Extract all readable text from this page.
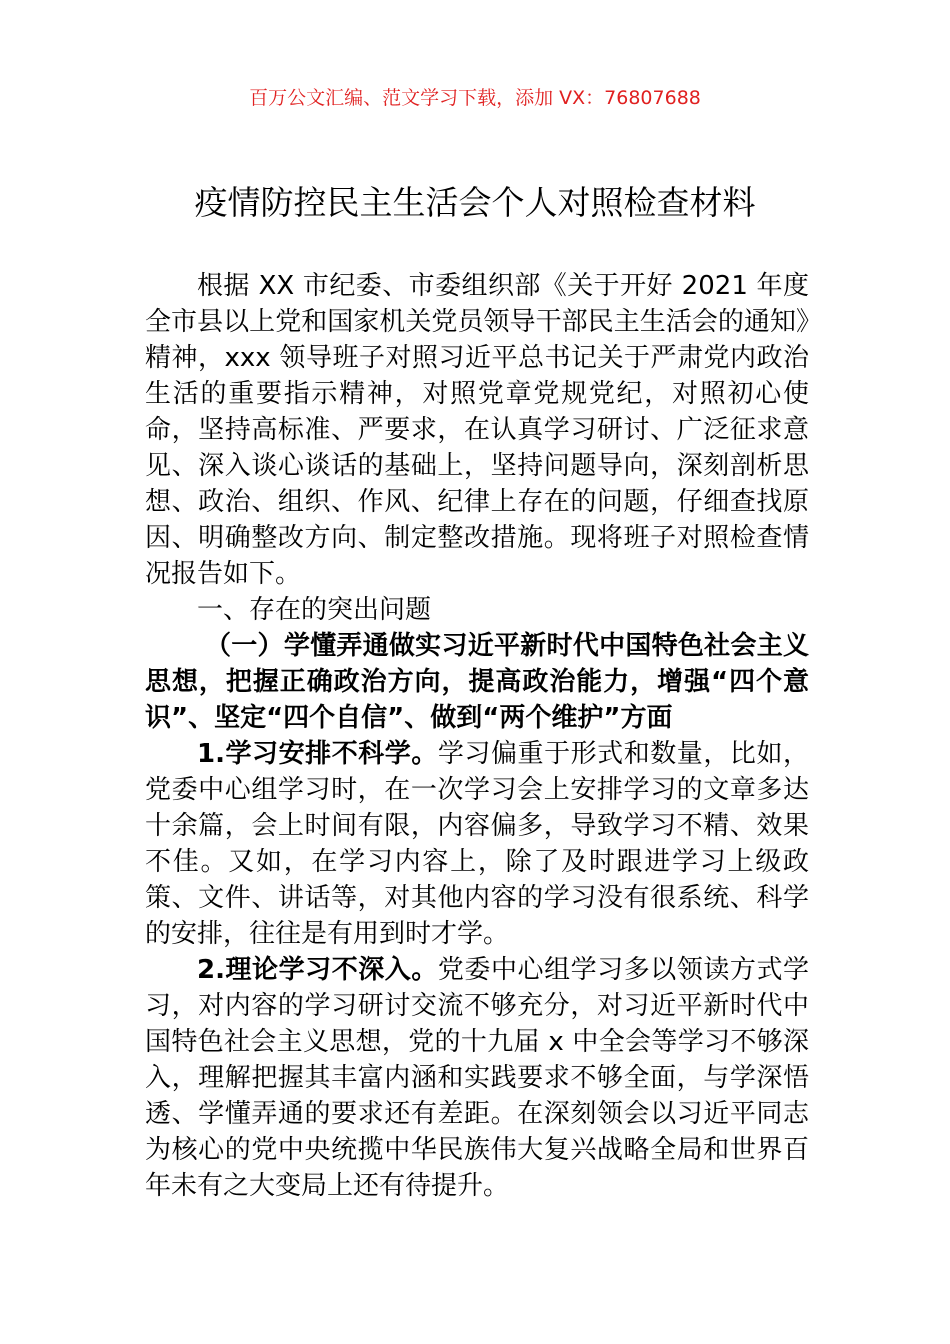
百万公文汇编、范文学习下载，添加 VX：76807688
疫情防控民主生活会个人对照检查材料

根据 XX 市纪委、市委组织部《关于开好 2021 年度全市县以上党和国家机关党员领导干部民主生活会的通知》精神，xxx 领导班子对照习近平总书记关于严肃党内政治生活的重要指示精神，对照党章党规党纪，对照初心使命，坚持高标准、严要求，在认真学习研讨、广泛征求意见、深入谈心谈话的基础上，坚持问题导向，深刻剖析思想、政治、组织、作风、纪律上存在的问题，仔细查找原因、明确整改方向、制定整改措施。现将班子对照检查情况报告如下。

一、存在的突出问题

（一）学懂弄通做实习近平新时代中国特色社会主义思想，把握正确政治方向，提高政治能力，增强“四个意识”、坚定“四个自信”、做到“两个维护”方面

1.学习安排不科学。学习偏重于形式和数量，比如，党委中心组学习时，在一次学习会上安排学习的文章多达十余篇，会上时间有限，内容偏多，导致学习不精、效果不佳。又如，在学习内容上，除了及时跟进学习上级政策、文件、讲话等，对其他内容的学习没有很系统、科学的安排，往往是有用到时才学。

2.理论学习不深入。党委中心组学习多以领读方式学习，对内容的学习研讨交流不够充分，对习近平新时代中国特色社会主义思想，党的十九届 x 中全会等学习不够深入，理解把握其丰富内涵和实践要求不够全面，与学深悟透、学懂弄通的要求还有差距。在深刻领会以习近平同志为核心的党中央统揽中华民族伟大复兴战略全局和世界百年未有之大变局上还有待提升。
